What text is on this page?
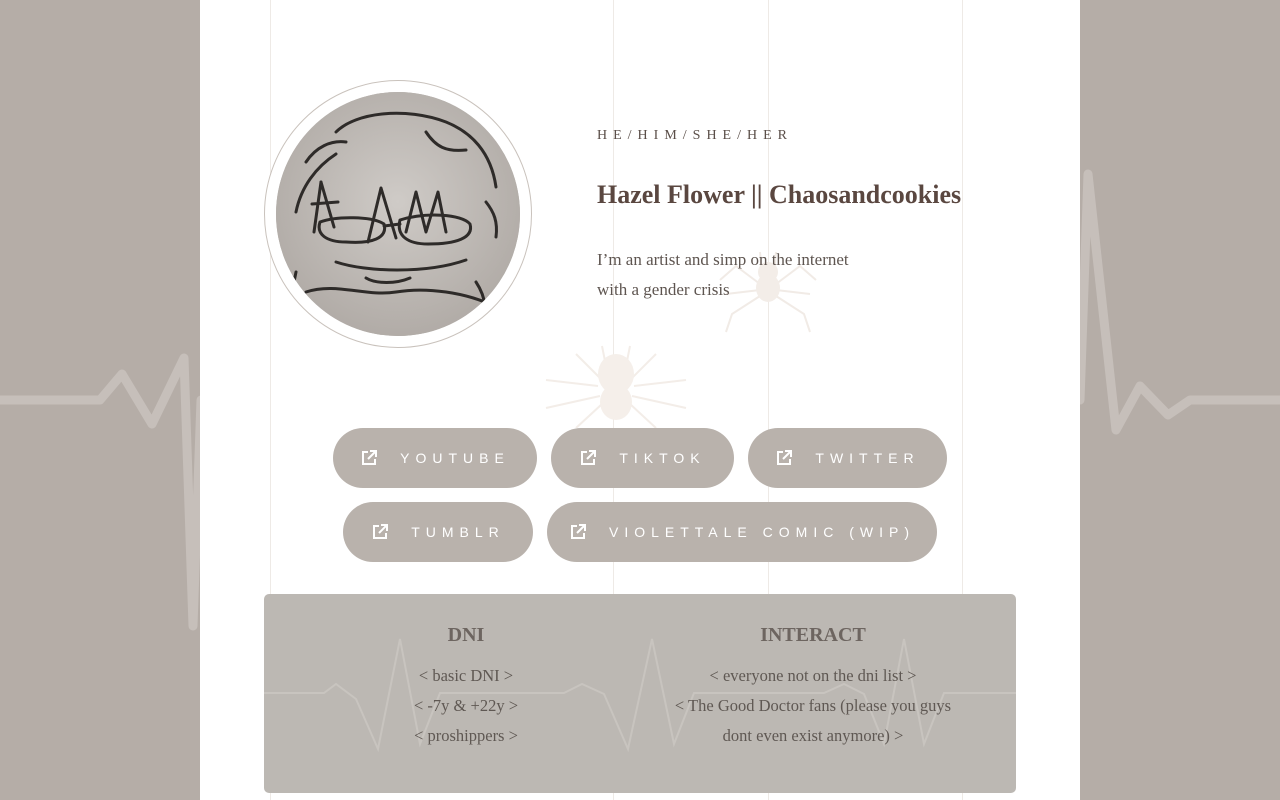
HE/HIM/SHE/HER

Hazel Flower || Chaosandcookies

I’m an artist and simp on the internet
with a gender crisis

YOUTUBE	TIKTOK	TWITTER
TUMBLR	VIOLETTALE COMIC (WIP)
DNI

< basic DNI >

< -7y & +22y >

< proshippers >

INTERACT

< everyone not on the dni list >

< The Good Doctor fans (please you guys

dont even exist anymore) >
